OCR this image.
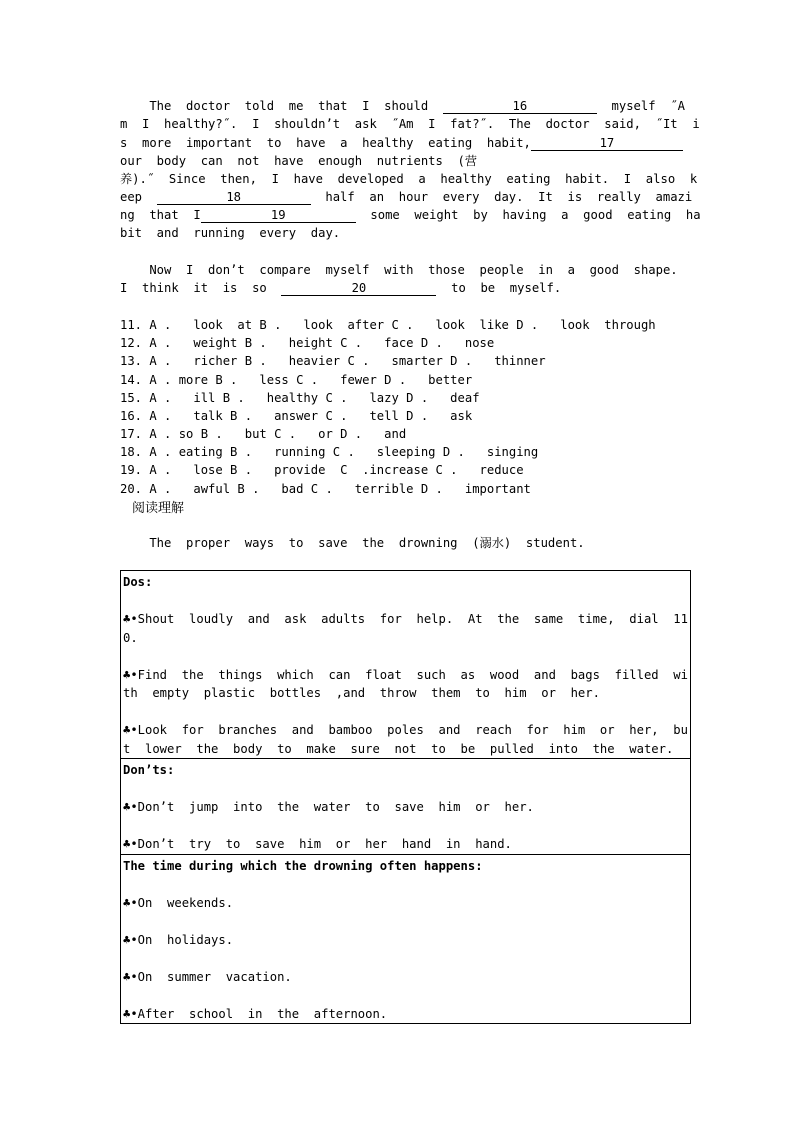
The  doctor  told  me  that  I  should	16	myself  ˝A
m  I  healthy?˝.  I  shouldnʼt  ask  ˝Am  I  fat?˝.  The  doctor  said,  ˝It  i
s  more  important  to  have  a  healthy  eating  habit,	17
our  body  can  not  have  enough  nutrients  (营
养).˝  Since  then,  I  have  developed  a  healthy  eating  habit.  I  also  k
eep	18	half  an  hour  every  day.  It  is  really  amazi
ng  that  I	19	some  weight  by  having  a  good  eating  ha
bit  and  running  every  day.
Now  I  donʼt  compare  myself  with  those  people  in  a  good  shape.
I  think  it  is  so	20	to  be  myself.
11. A .   look  at B .   look  after C .   look  like D .   look  through
12. A .   weight B .   height C .   face D .   nose
13. A .   richer B .   heavier C .   smarter D .   thinner
14. A . more B .   less C .   fewer D .   better
15. A .   ill B .   healthy C .   lazy D .   deaf
16. A .   talk B .   answer C .   tell D .   ask
17. A . so B .   but C .   or D .   and
18. A . eating B .   running C .   sleeping D .   singing
19. A .   lose B .   provide  C  .increase C .   reduce
20. A .   awful B .   bad C .   terrible D .   important
阅读理解
The  proper  ways  to  save  the  drowning  (溺水)  student.
Dos:
♣•Shout  loudly  and  ask  adults  for  help.  At  the  same  time,  dial  11
0.
♣•Find  the  things  which  can  float  such  as  wood  and  bags  filled  wi
th  empty  plastic  bottles  ,and  throw  them  to  him  or  her.
♣•Look  for  branches  and  bamboo  poles  and  reach  for  him  or  her,  bu
t  lower  the  body  to  make  sure  not  to  be  pulled  into  the  water.

Donʼts:
♣•Donʼt  jump  into  the  water  to  save  him  or  her.
♣•Donʼt  try  to  save  him  or  her  hand  in  hand.

The time during which the drowning often happens:
♣•On  weekends.
♣•On  holidays.
♣•On  summer  vacation.
♣•After  school  in  the  afternoon.
